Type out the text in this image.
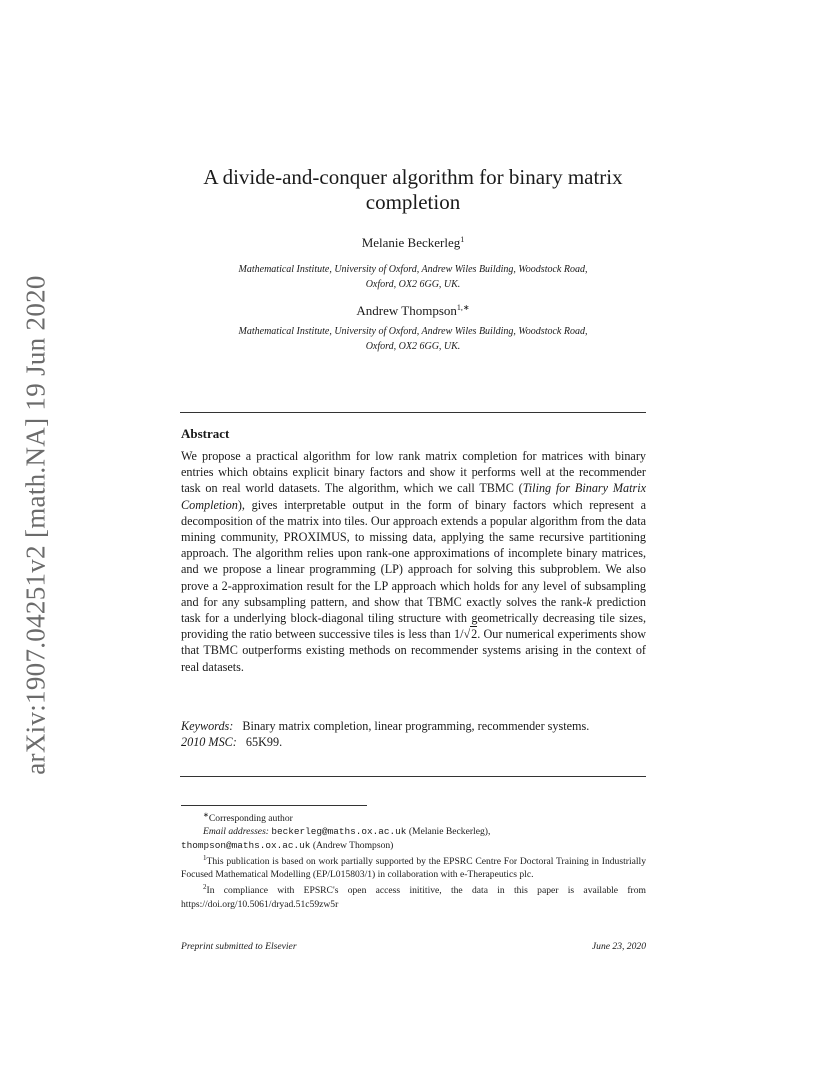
arXiv:1907.04251v2 [math.NA] 19 Jun 2020
A divide-and-conquer algorithm for binary matrix
completion
Melanie Beckerleg$^1$
Mathematical Institute, University of Oxford, Andrew Wiles Building, Woodstock Road,
Oxford, OX2 6GG, UK.
Andrew Thompson$^{1,∗}$
Mathematical Institute, University of Oxford, Andrew Wiles Building, Woodstock Road,
Oxford, OX2 6GG, UK.
Abstract
We propose a practical algorithm for low rank matrix completion for matrices with binary entries which obtains explicit binary factors and show it performs well at the recommender task on real world datasets. The algorithm, which we call TBMC (Tiling for Binary Matrix Completion), gives interpretable output in the form of binary factors which represent a decomposition of the matrix into tiles. Our approach extends a popular algorithm from the data mining community, PROXIMUS, to missing data, applying the same recursive partitioning approach. The algorithm relies upon rank-one approximations of incomplete binary matrices, and we propose a linear programming (LP) approach for solving this subproblem. We also prove a 2-approximation result for the LP approach which holds for any level of subsampling and for any subsampling pattern, and show that TBMC exactly solves the rank-k prediction task for a underlying block-diagonal tiling structure with geometrically decreasing tile sizes, providing the ratio between successive tiles is less than 1/√2. Our numerical experiments show that TBMC outperforms existing methods on recommender systems arising in the context of real datasets.
Keywords: Binary matrix completion, linear programming, recommender systems.
2010 MSC: 65K99.
∗Corresponding author
Email addresses: beckerleg@maths.ox.ac.uk (Melanie Beckerleg),
thompson@maths.ox.ac.uk (Andrew Thompson)
$^1$This publication is based on work partially supported by the EPSRC Centre For Doctoral Training in Industrially Focused Mathematical Modelling (EP/L015803/1) in collaboration with e-Therapeutics plc.
$^2$In compliance with EPSRC's open access inititive, the data in this paper is available from https://doi.org/10.5061/dryad.51c59zw5r
Preprint submitted to Elsevier	June 23, 2020
